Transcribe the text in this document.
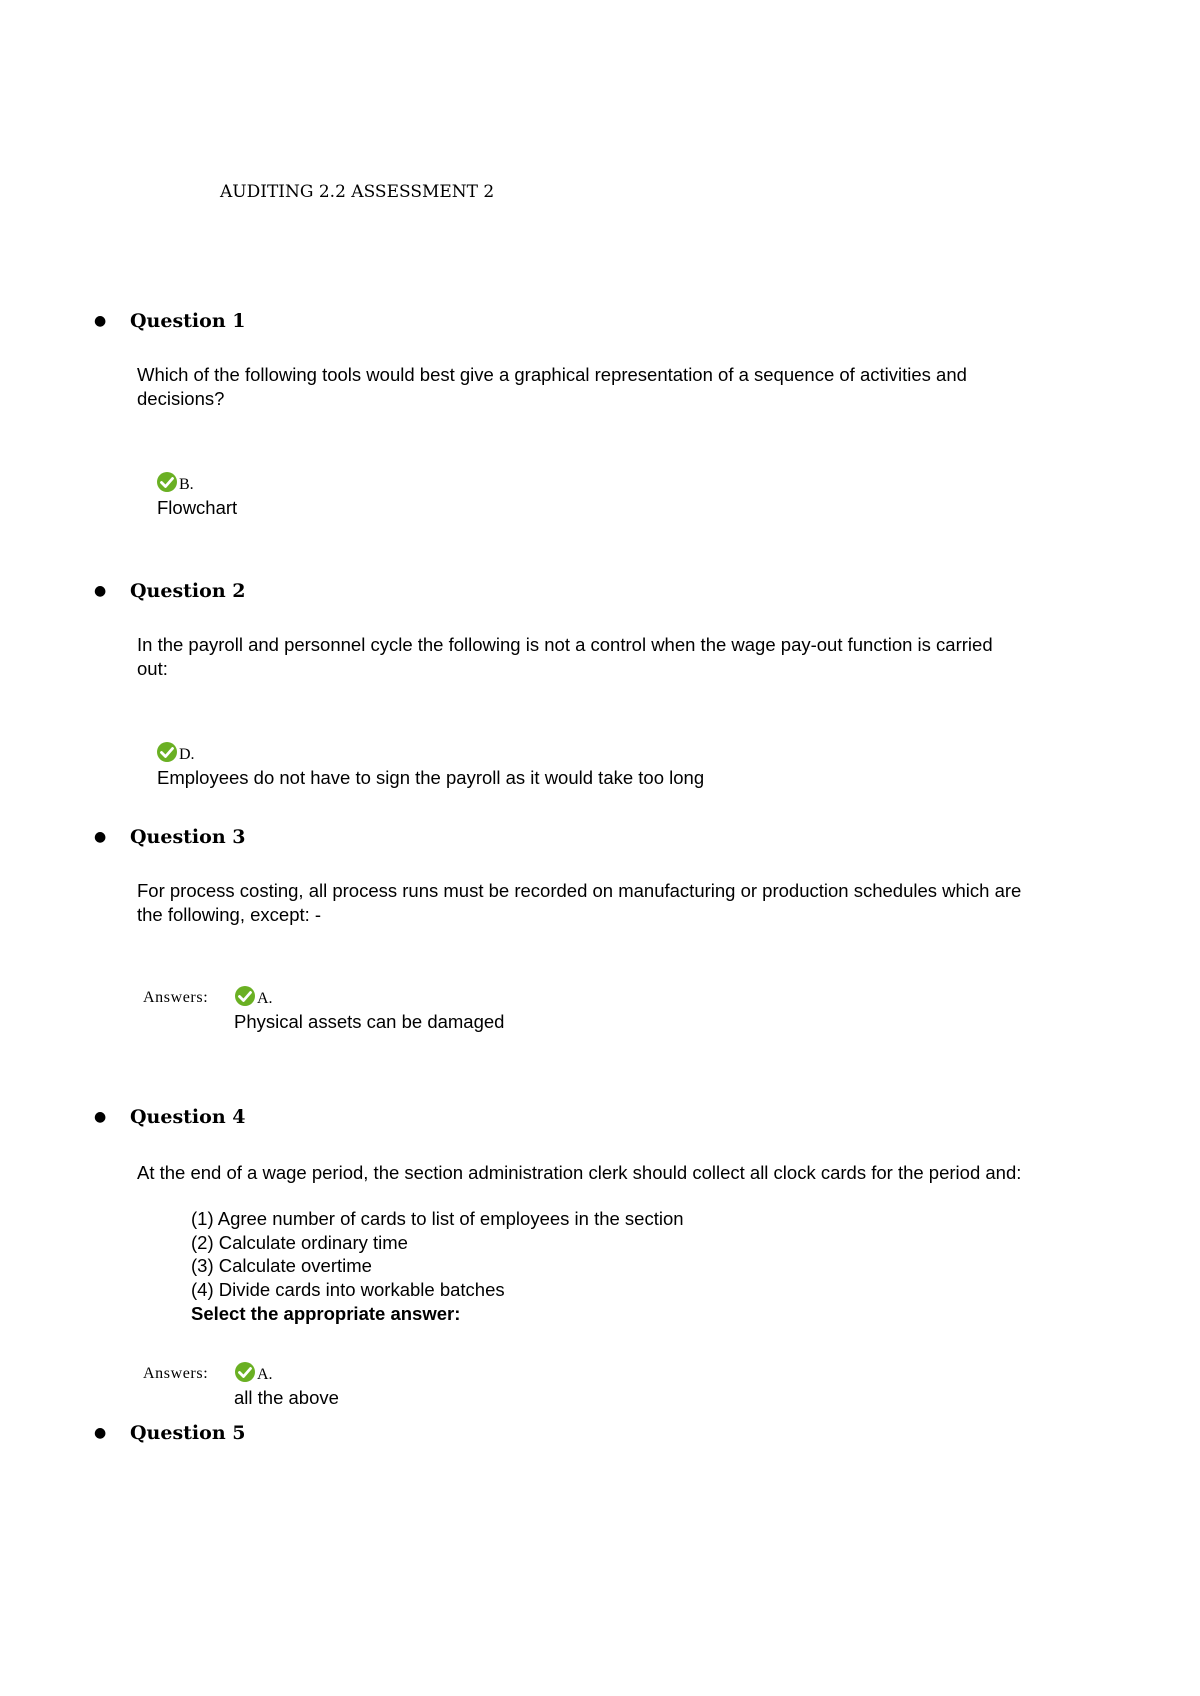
AUDITING 2.2 ASSESSMENT 2
● Question 1
Which of the following tools would best give a graphical representation of a sequence of activities and decisions?
B.
Flowchart
● Question 2
In the payroll and personnel cycle the following is not a control when the wage pay-out function is carried out:
D.
Employees do not have to sign the payroll as it would take too long
● Question 3
For process costing, all process runs must be recorded on manufacturing or production schedules which are the following, except: -
Answers:	A.
Physical assets can be damaged
● Question 4
At the end of a wage period, the section administration clerk should collect all clock cards for the period and:
(1) Agree number of cards to list of employees in the section
(2) Calculate ordinary time
(3) Calculate overtime
(4) Divide cards into workable batches
Select the appropriate answer:
Answers:	A.
all the above
● Question 5
